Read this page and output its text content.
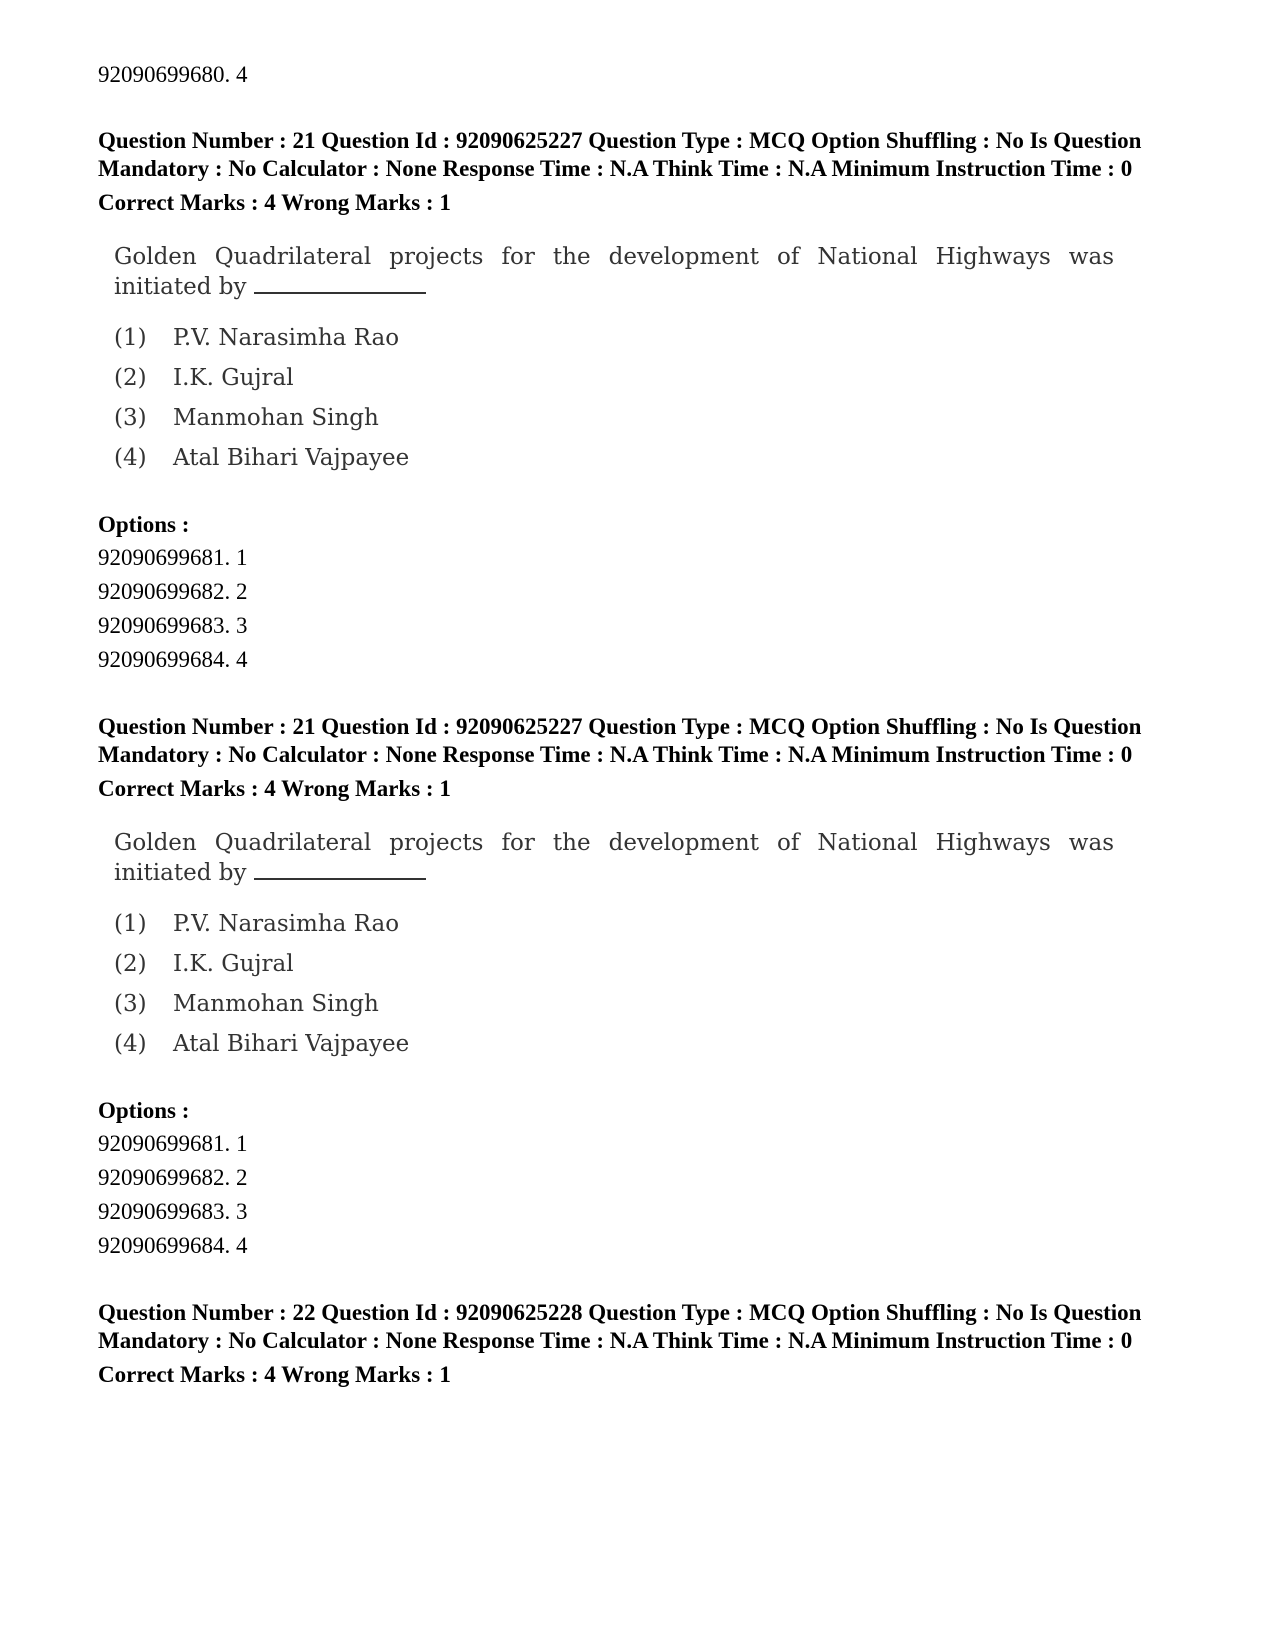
92090699680. 4

Question Number : 21 Question Id : 92090625227 Question Type : MCQ Option Shuffling : No Is Question Mandatory : No Calculator : None Response Time : N.A Think Time : N.A Minimum Instruction Time : 0

Correct Marks : 4 Wrong Marks : 1

Golden Quadrilateral projects for the development of National Highways was
initiated by

(1)	P.V. Narasimha Rao
(2)	I.K. Gujral
(3)	Manmohan Singh
(4)	Atal Bihari Vajpayee

Options :

92090699681. 1
92090699682. 2
92090699683. 3
92090699684. 4

Question Number : 21 Question Id : 92090625227 Question Type : MCQ Option Shuffling : No Is Question Mandatory : No Calculator : None Response Time : N.A Think Time : N.A Minimum Instruction Time : 0

Correct Marks : 4 Wrong Marks : 1

Golden Quadrilateral projects for the development of National Highways was
initiated by

(1)	P.V. Narasimha Rao
(2)	I.K. Gujral
(3)	Manmohan Singh
(4)	Atal Bihari Vajpayee

Options :

92090699681. 1
92090699682. 2
92090699683. 3
92090699684. 4

Question Number : 22 Question Id : 92090625228 Question Type : MCQ Option Shuffling : No Is Question Mandatory : No Calculator : None Response Time : N.A Think Time : N.A Minimum Instruction Time : 0

Correct Marks : 4 Wrong Marks : 1
